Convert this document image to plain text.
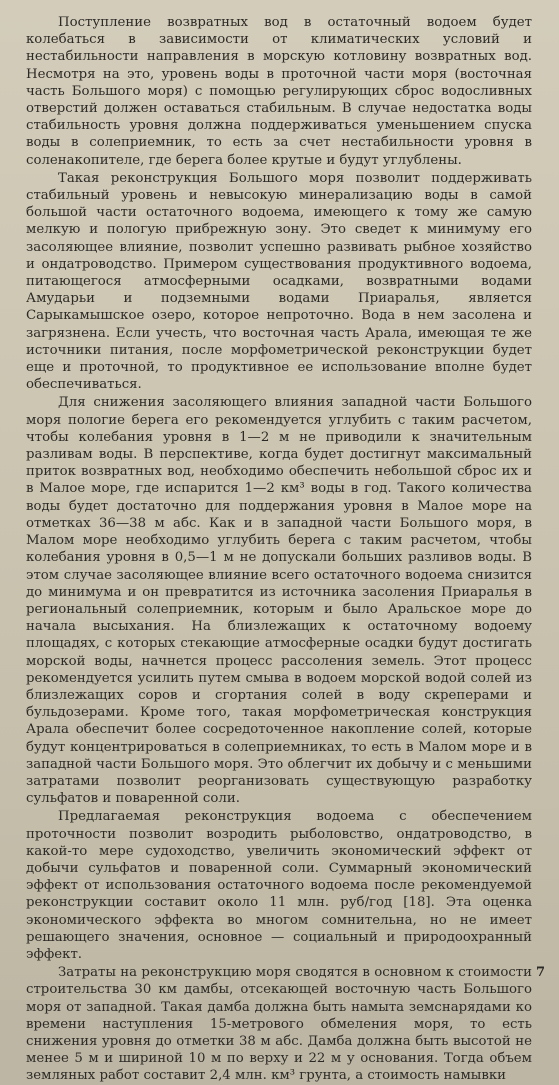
Поступление возвратных вод в остаточный водоем будет колебаться в зависимости от климатических условий и нестабильности направления в морскую котловину возвратных вод. Несмотря на это, уровень воды в проточной части моря (восточная часть Большого моря) с помощью регулирующих сброс водосливных отверстий должен оставаться стабильным. В случае недостатка воды стабильность уровня должна поддерживаться уменьшением спуска воды в солеприемник, то есть за счет нестабильности уровня в соленакопителе, где берега более крутые и будут углублены.

Такая реконструкция Большого моря позволит поддерживать стабильный уровень и невысокую минерализацию воды в самой большой части остаточного водоема, имеющего к тому же самую мелкую и пологую прибрежную зону. Это сведет к минимуму его засоляющее влияние, позволит успешно развивать рыбное хозяйство и ондатроводство. Примером существования продуктивного водоема, питающегося атмосферными осадками, возвратными водами Амударьи и подземными водами Приаралья, является Сарыкамышское озеро, которое непроточно. Вода в нем засолена и загрязнена. Если учесть, что восточная часть Арала, имеющая те же источники питания, после морфометрической реконструкции будет еще и проточной, то продуктивное ее использование вполне будет обеспечиваться.

Для снижения засоляющего влияния западной части Большого моря пологие берега его рекомендуется углубить с таким расчетом, чтобы колебания уровня в 1—2 м не приводили к значительным разливам воды. В перспективе, когда будет достигнут максимальный приток возвратных вод, необходимо обеспечить небольшой сброс их и в Малое море, где испарится 1—2 км³ воды в год. Такого количества воды будет достаточно для поддержания уровня в Малое море на отметках 36—38 м абс. Как и в западной части Большого моря, в Малом море необходимо углубить берега с таким расчетом, чтобы колебания уровня в 0,5—1 м не допускали больших разливов воды. В этом случае засоляющее влияние всего остаточного водоема снизится до минимума и он превратится из источника засоления Приаралья в региональный солеприемник, которым и было Аральское море до начала высыхания. На близлежащих к остаточному водоему площадях, с которых стекающие атмосферные осадки будут достигать морской воды, начнется процесс рассоления земель. Этот процесс рекомендуется усилить путем смыва в водоем морской водой солей из близлежащих соров и сгортания солей в воду скреперами и бульдозерами. Кроме того, такая морфометрическая конструкция Арала обеспечит более сосредоточенное накопление солей, которые будут концентрироваться в солеприемниках, то есть в Малом море и в западной части Большого моря. Это облегчит их добычу и с меньшими затратами позволит реорганизовать существующую разработку сульфатов и поваренной соли.

Предлагаемая реконструкция водоема с обеспечением проточности позволит возродить рыболовство, ондатроводство, в какой-то мере судоходство, увеличить экономический эффект от добычи сульфатов и поваренной соли. Суммарный экономический эффект от использования остаточного водоема после рекомендуемой реконструкции составит около 11 млн. руб/год [18]. Эта оценка экономического эффекта во многом сомнительна, но не имеет решающего значения, основное — социальный и природоохранный эффект.

Затраты на реконструкцию моря сводятся в основном к стоимости строительства 30 км дамбы, отсекающей восточную часть Большого моря от западной. Такая дамба должна быть намыта земснарядами ко времени наступления 15-метрового обмеления моря, то есть снижения уровня до отметки 38 м абс. Дамба должна быть высотой не менее 5 м и шириной 10 м по верху и 22 м у основания. Тогда объем земляных работ составит 2,4 млн. км³ грунта, а стоимость намывки

7
